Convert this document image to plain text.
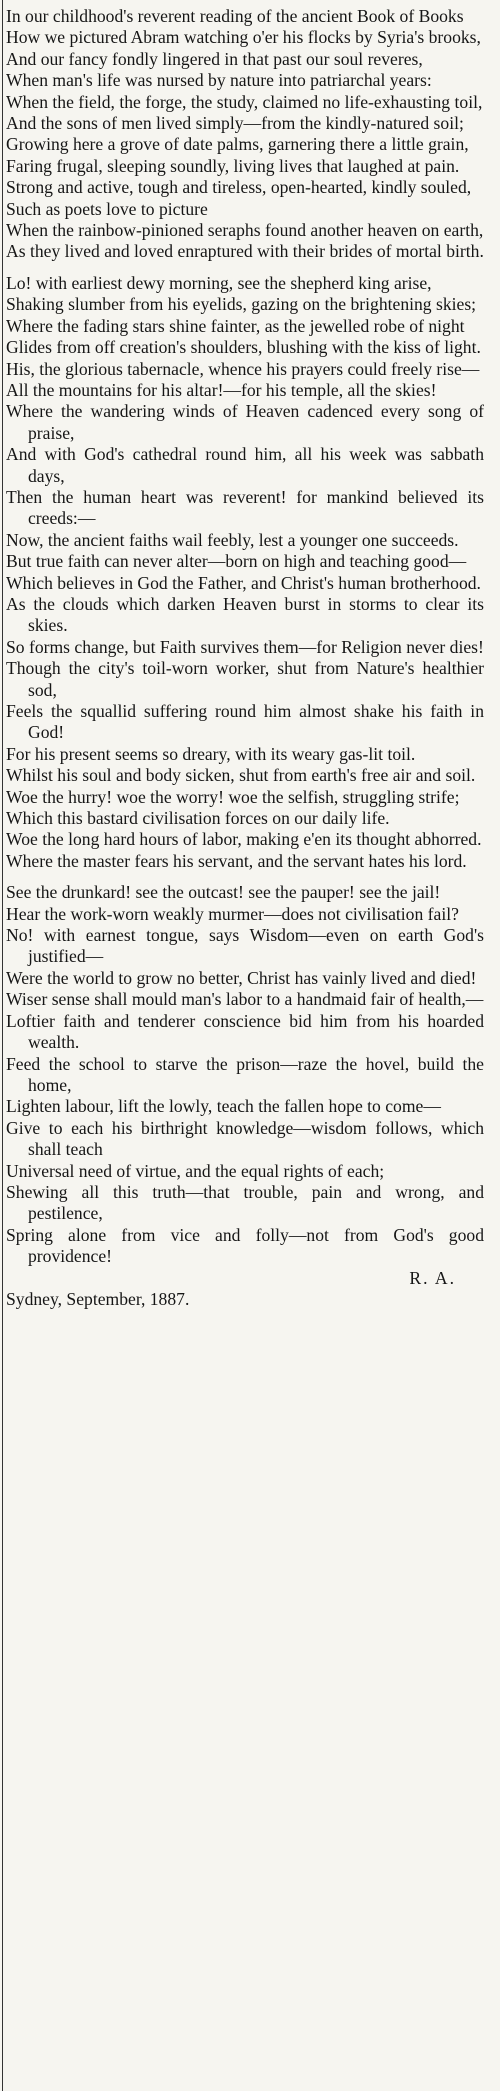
In our childhood's reverent reading of the ancient Book of Books

How we pictured Abram watching o'er his flocks by Syria's brooks,

And our fancy fondly lingered in that past our soul reveres,

When man's life was nursed by nature into patriarchal years:

When the field, the forge, the study, claimed no life-exhausting toil,

And the sons of men lived simply—from the kindly-natured soil;

Growing here a grove of date palms, garnering there a little grain,

Faring frugal, sleeping soundly, living lives that laughed at pain.

Strong and active, tough and tireless, open-hearted, kindly souled,

Such as poets love to picture

When the rainbow-pinioned seraphs found another heaven on earth,

As they lived and loved enraptured with their brides of mortal birth.

Lo! with earliest dewy morning, see the shepherd king arise,

Shaking slumber from his eyelids, gazing on the brightening skies;

Where the fading stars shine fainter, as the jewelled robe of night

Glides from off creation's shoulders, blushing with the kiss of light.

His, the glorious tabernacle, whence his prayers could freely rise—

All the mountains for his altar!—for his temple, all the skies!

Where the wandering winds of Heaven cadenced every song of praise,

And with God's cathedral round him, all his week was sabbath days,

Then the human heart was reverent! for mankind believed its creeds:—

Now, the ancient faiths wail feebly, lest a younger one succeeds.

But true faith can never alter—born on high and teaching good—

Which believes in God the Father, and Christ's human brotherhood.

As the clouds which darken Heaven burst in storms to clear its skies.

So forms change, but Faith survives them—for Religion never dies!

Though the city's toil-worn worker, shut from Nature's healthier sod,

Feels the squallid suffering round him almost shake his faith in God!

For his present seems so dreary, with its weary gas-lit toil.

Whilst his soul and body sicken, shut from earth's free air and soil.

Woe the hurry! woe the worry! woe the selfish, struggling strife;

Which this bastard civilisation forces on our daily life.

Woe the long hard hours of labor, making e'en its thought abhorred.

Where the master fears his servant, and the servant hates his lord.

See the drunkard! see the outcast! see the pauper! see the jail!

Hear the work-worn weakly murmer—does not civilisation fail?

No! with earnest tongue, says Wisdom—even on earth God's justified—

Were the world to grow no better, Christ has vainly lived and died!

Wiser sense shall mould man's labor to a handmaid fair of health,—

Loftier faith and tenderer conscience bid him from his hoarded wealth.

Feed the school to starve the prison—raze the hovel, build the home,

Lighten labour, lift the lowly, teach the fallen hope to come—

Give to each his birthright knowledge—wisdom follows, which shall teach

Universal need of virtue, and the equal rights of each;

Shewing all this truth—that trouble, pain and wrong, and pestilence,

Spring alone from vice and folly—not from God's good providence!

R. A.

Sydney, September, 1887.
